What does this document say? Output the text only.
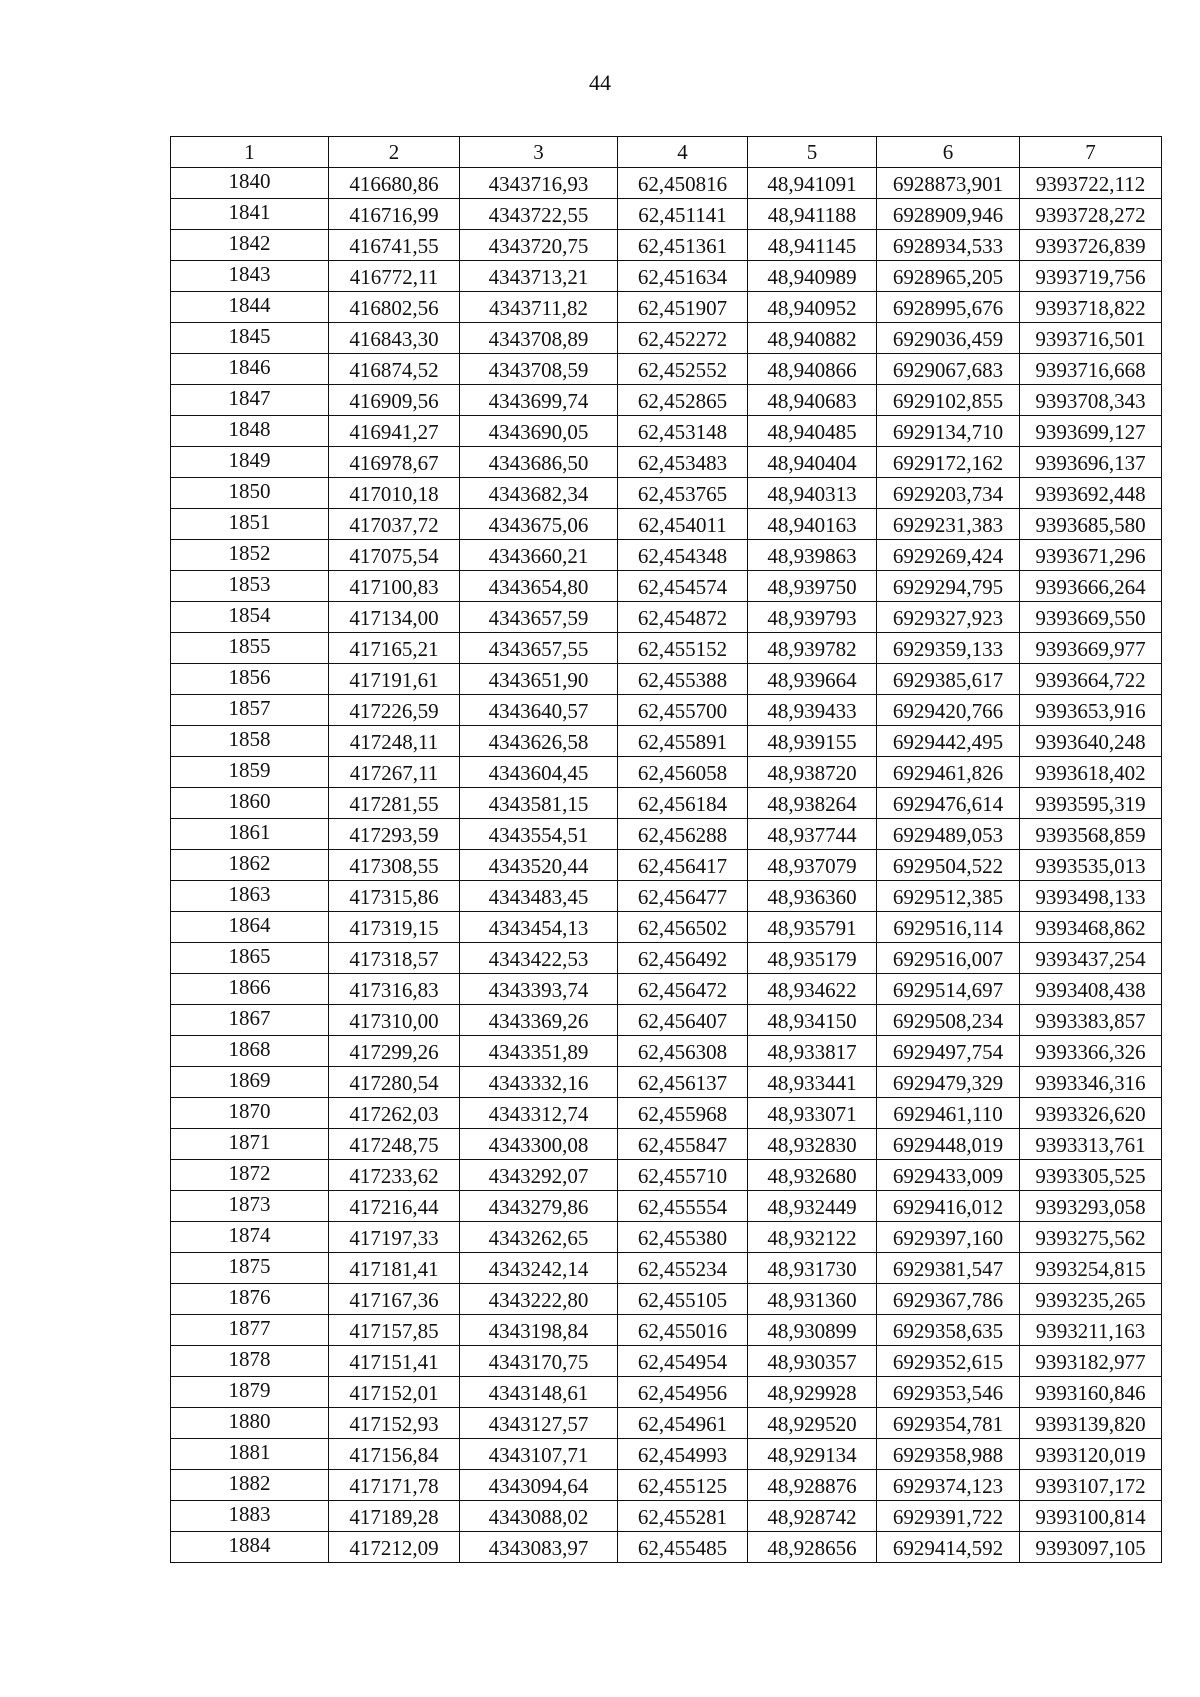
44
1	2	3	4	5	6	7
1840	416680,86	4343716,93	62,450816	48,941091	6928873,901	9393722,112
1841	416716,99	4343722,55	62,451141	48,941188	6928909,946	9393728,272
1842	416741,55	4343720,75	62,451361	48,941145	6928934,533	9393726,839
1843	416772,11	4343713,21	62,451634	48,940989	6928965,205	9393719,756
1844	416802,56	4343711,82	62,451907	48,940952	6928995,676	9393718,822
1845	416843,30	4343708,89	62,452272	48,940882	6929036,459	9393716,501
1846	416874,52	4343708,59	62,452552	48,940866	6929067,683	9393716,668
1847	416909,56	4343699,74	62,452865	48,940683	6929102,855	9393708,343
1848	416941,27	4343690,05	62,453148	48,940485	6929134,710	9393699,127
1849	416978,67	4343686,50	62,453483	48,940404	6929172,162	9393696,137
1850	417010,18	4343682,34	62,453765	48,940313	6929203,734	9393692,448
1851	417037,72	4343675,06	62,454011	48,940163	6929231,383	9393685,580
1852	417075,54	4343660,21	62,454348	48,939863	6929269,424	9393671,296
1853	417100,83	4343654,80	62,454574	48,939750	6929294,795	9393666,264
1854	417134,00	4343657,59	62,454872	48,939793	6929327,923	9393669,550
1855	417165,21	4343657,55	62,455152	48,939782	6929359,133	9393669,977
1856	417191,61	4343651,90	62,455388	48,939664	6929385,617	9393664,722
1857	417226,59	4343640,57	62,455700	48,939433	6929420,766	9393653,916
1858	417248,11	4343626,58	62,455891	48,939155	6929442,495	9393640,248
1859	417267,11	4343604,45	62,456058	48,938720	6929461,826	9393618,402
1860	417281,55	4343581,15	62,456184	48,938264	6929476,614	9393595,319
1861	417293,59	4343554,51	62,456288	48,937744	6929489,053	9393568,859
1862	417308,55	4343520,44	62,456417	48,937079	6929504,522	9393535,013
1863	417315,86	4343483,45	62,456477	48,936360	6929512,385	9393498,133
1864	417319,15	4343454,13	62,456502	48,935791	6929516,114	9393468,862
1865	417318,57	4343422,53	62,456492	48,935179	6929516,007	9393437,254
1866	417316,83	4343393,74	62,456472	48,934622	6929514,697	9393408,438
1867	417310,00	4343369,26	62,456407	48,934150	6929508,234	9393383,857
1868	417299,26	4343351,89	62,456308	48,933817	6929497,754	9393366,326
1869	417280,54	4343332,16	62,456137	48,933441	6929479,329	9393346,316
1870	417262,03	4343312,74	62,455968	48,933071	6929461,110	9393326,620
1871	417248,75	4343300,08	62,455847	48,932830	6929448,019	9393313,761
1872	417233,62	4343292,07	62,455710	48,932680	6929433,009	9393305,525
1873	417216,44	4343279,86	62,455554	48,932449	6929416,012	9393293,058
1874	417197,33	4343262,65	62,455380	48,932122	6929397,160	9393275,562
1875	417181,41	4343242,14	62,455234	48,931730	6929381,547	9393254,815
1876	417167,36	4343222,80	62,455105	48,931360	6929367,786	9393235,265
1877	417157,85	4343198,84	62,455016	48,930899	6929358,635	9393211,163
1878	417151,41	4343170,75	62,454954	48,930357	6929352,615	9393182,977
1879	417152,01	4343148,61	62,454956	48,929928	6929353,546	9393160,846
1880	417152,93	4343127,57	62,454961	48,929520	6929354,781	9393139,820
1881	417156,84	4343107,71	62,454993	48,929134	6929358,988	9393120,019
1882	417171,78	4343094,64	62,455125	48,928876	6929374,123	9393107,172
1883	417189,28	4343088,02	62,455281	48,928742	6929391,722	9393100,814
1884	417212,09	4343083,97	62,455485	48,928656	6929414,592	9393097,105
